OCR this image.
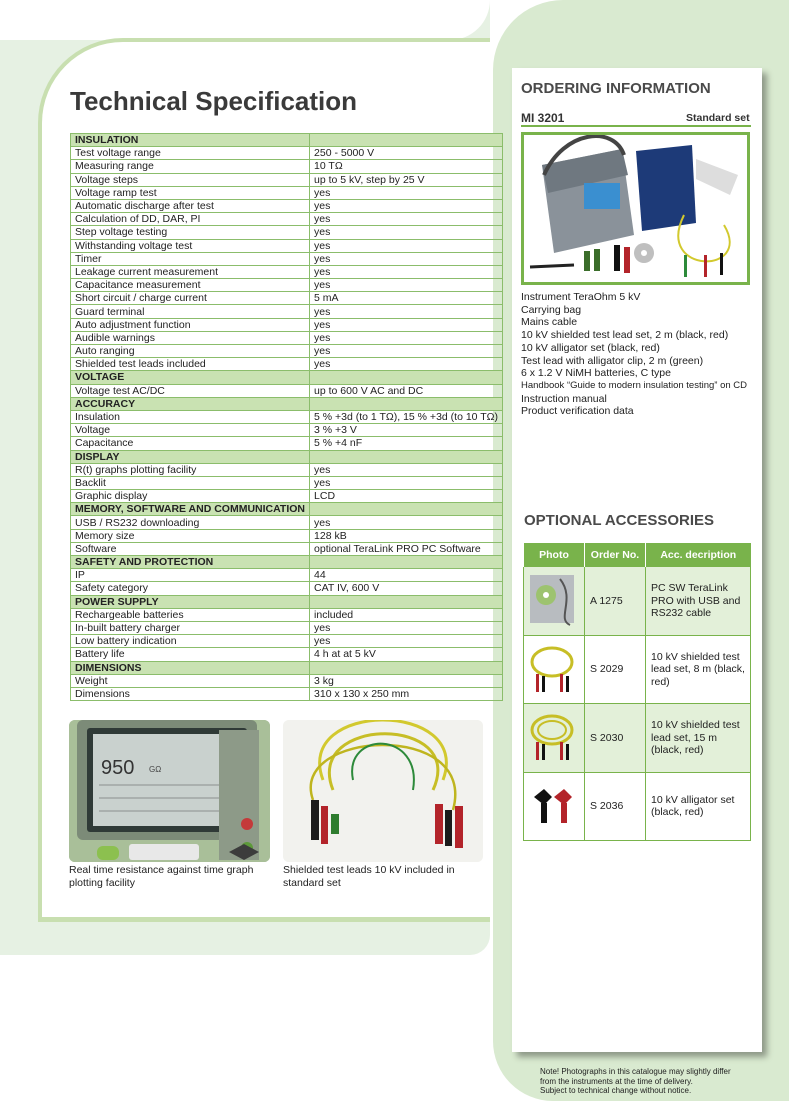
Technical Specification
INSULATION	
Test voltage range	250 - 5000 V
Measuring range	10 TΩ
Voltage steps	up to 5 kV, step by 25 V
Voltage ramp test	yes
Automatic discharge after test	yes
Calculation of DD, DAR, PI	yes
Step voltage testing	yes
Withstanding voltage test	yes
Timer	yes
Leakage current measurement	yes
Capacitance measurement	yes
Short circuit / charge current	5 mA
Guard terminal	yes
Auto adjustment function	yes
Audible warnings	yes
Auto ranging	yes
Shielded test leads included	yes
VOLTAGE	
Voltage test AC/DC	up to 600 V AC and DC
ACCURACY	
Insulation	5 % +3d (to 1 TΩ), 15 % +3d (to 10 TΩ)
Voltage	3 % +3 V
Capacitance	5 % +4 nF
DISPLAY	
R(t) graphs plotting facility	yes
Backlit	yes
Graphic display	LCD
MEMORY, SOFTWARE AND COMMUNICATION	
USB / RS232 downloading	yes
Memory size	128 kB
Software	optional TeraLink PRO PC Software
SAFETY AND PROTECTION	
IP	44
Safety category	CAT IV, 600 V
POWER SUPPLY	
Rechargeable batteries	included
In-built battery charger	yes
Low battery indication	yes
Battery life	4 h at at 5 kV
DIMENSIONS	
Weight	3 kg
Dimensions	310 x 130 x 250 mm
950 GΩ
Real time resistance against time graph plotting facility
Shielded test leads 10 kV included in standard set
ORDERING INFORMATION
MI 3201	Standard set
Instrument TeraOhm 5 kV
Carrying bag
Mains cable
10 kV shielded test lead set, 2 m (black, red)
10 kV alligator set (black, red)
Test lead with alligator clip, 2 m (green)
6 x 1.2 V NiMH batteries, C type
Handbook “Guide to modern insulation testing” on CD
Instruction manual
Product verification data
OPTIONAL ACCESSORIES
Photo	Order No.	Acc. decription
	A 1275	PC SW TeraLink PRO with USB and RS232 cable
	S 2029	10 kV shielded test lead set, 8 m (black, red)
	S 2030	10 kV shielded test lead set, 15 m (black, red)
	S 2036	10 kV alligator set (black, red)
Note! Photographs in this catalogue may slightly differ
from the instruments at the time of delivery.
Subject to technical change without notice.
